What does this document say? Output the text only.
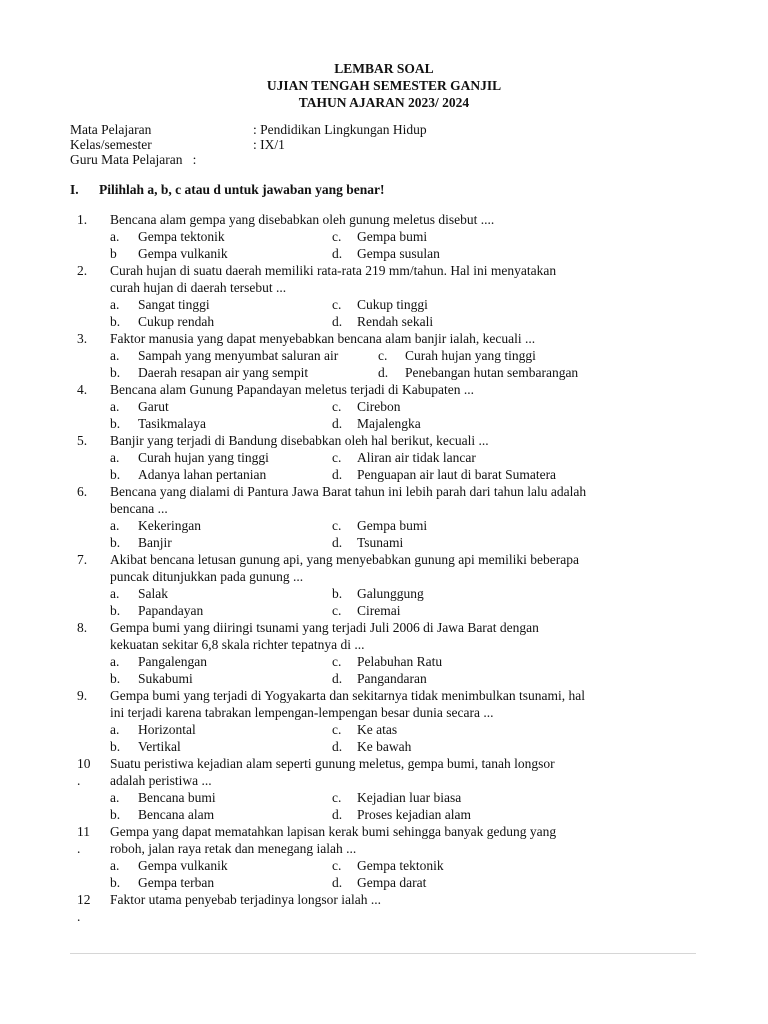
LEMBAR SOAL
UJIAN TENGAH SEMESTER GANJIL
TAHUN AJARAN 2023/ 2024
Mata Pelajaran	: Pendidikan Lingkungan Hidup
Kelas/semester	: IX/1
Guru Mata Pelajaran :
I. Pilihlah a, b, c atau d untuk jawaban yang benar!
1. Bencana alam gempa yang disebabkan oleh gunung meletus disebut ....
a. Gempa tektonik	c. Gempa bumi
b Gempa vulkanik	d. Gempa susulan
2. Curah hujan di suatu daerah memiliki rata-rata 219 mm/tahun. Hal ini menyatakan
curah hujan di daerah tersebut ...
a. Sangat tinggi	c. Cukup tinggi
b. Cukup rendah	d. Rendah sekali
3. Faktor manusia yang dapat menyebabkan bencana alam banjir ialah, kecuali ...
a. Sampah yang menyumbat saluran air	c. Curah hujan yang tinggi
b. Daerah resapan air yang sempit	d. Penebangan hutan sembarangan
4. Bencana alam Gunung Papandayan meletus terjadi di Kabupaten ...
a. Garut	c. Cirebon
b. Tasikmalaya	d. Majalengka
5. Banjir yang terjadi di Bandung disebabkan oleh hal berikut, kecuali ...
a. Curah hujan yang tinggi	c. Aliran air tidak lancar
b. Adanya lahan pertanian	d. Penguapan air laut di barat Sumatera
6. Bencana yang dialami di Pantura Jawa Barat tahun ini lebih parah dari tahun lalu adalah
bencana ...
a. Kekeringan	c. Gempa bumi
b. Banjir	d. Tsunami
7. Akibat bencana letusan gunung api, yang menyebabkan gunung api memiliki beberapa
puncak ditunjukkan pada gunung ...
a. Salak	b. Galunggung
b. Papandayan	c. Ciremai
8. Gempa bumi yang diiringi tsunami yang terjadi Juli 2006 di Jawa Barat dengan
kekuatan sekitar 6,8 skala richter tepatnya di ...
a. Pangalengan	c. Pelabuhan Ratu
b. Sukabumi	d. Pangandaran
9. Gempa bumi yang terjadi di Yogyakarta dan sekitarnya tidak menimbulkan tsunami, hal
ini terjadi karena tabrakan lempengan-lempengan besar dunia secara ...
a. Horizontal	c. Ke atas
b. Vertikal	d. Ke bawah
10 Suatu peristiwa kejadian alam seperti gunung meletus, gempa bumi, tanah longsor
. adalah peristiwa ...
a. Bencana bumi	c. Kejadian luar biasa
b. Bencana alam	d. Proses kejadian alam
11 Gempa yang dapat mematahkan lapisan kerak bumi sehingga banyak gedung yang
. roboh, jalan raya retak dan menegang ialah ...
a. Gempa vulkanik	c. Gempa tektonik
b. Gempa terban	d. Gempa darat
12 Faktor utama penyebab terjadinya longsor ialah ...
.
